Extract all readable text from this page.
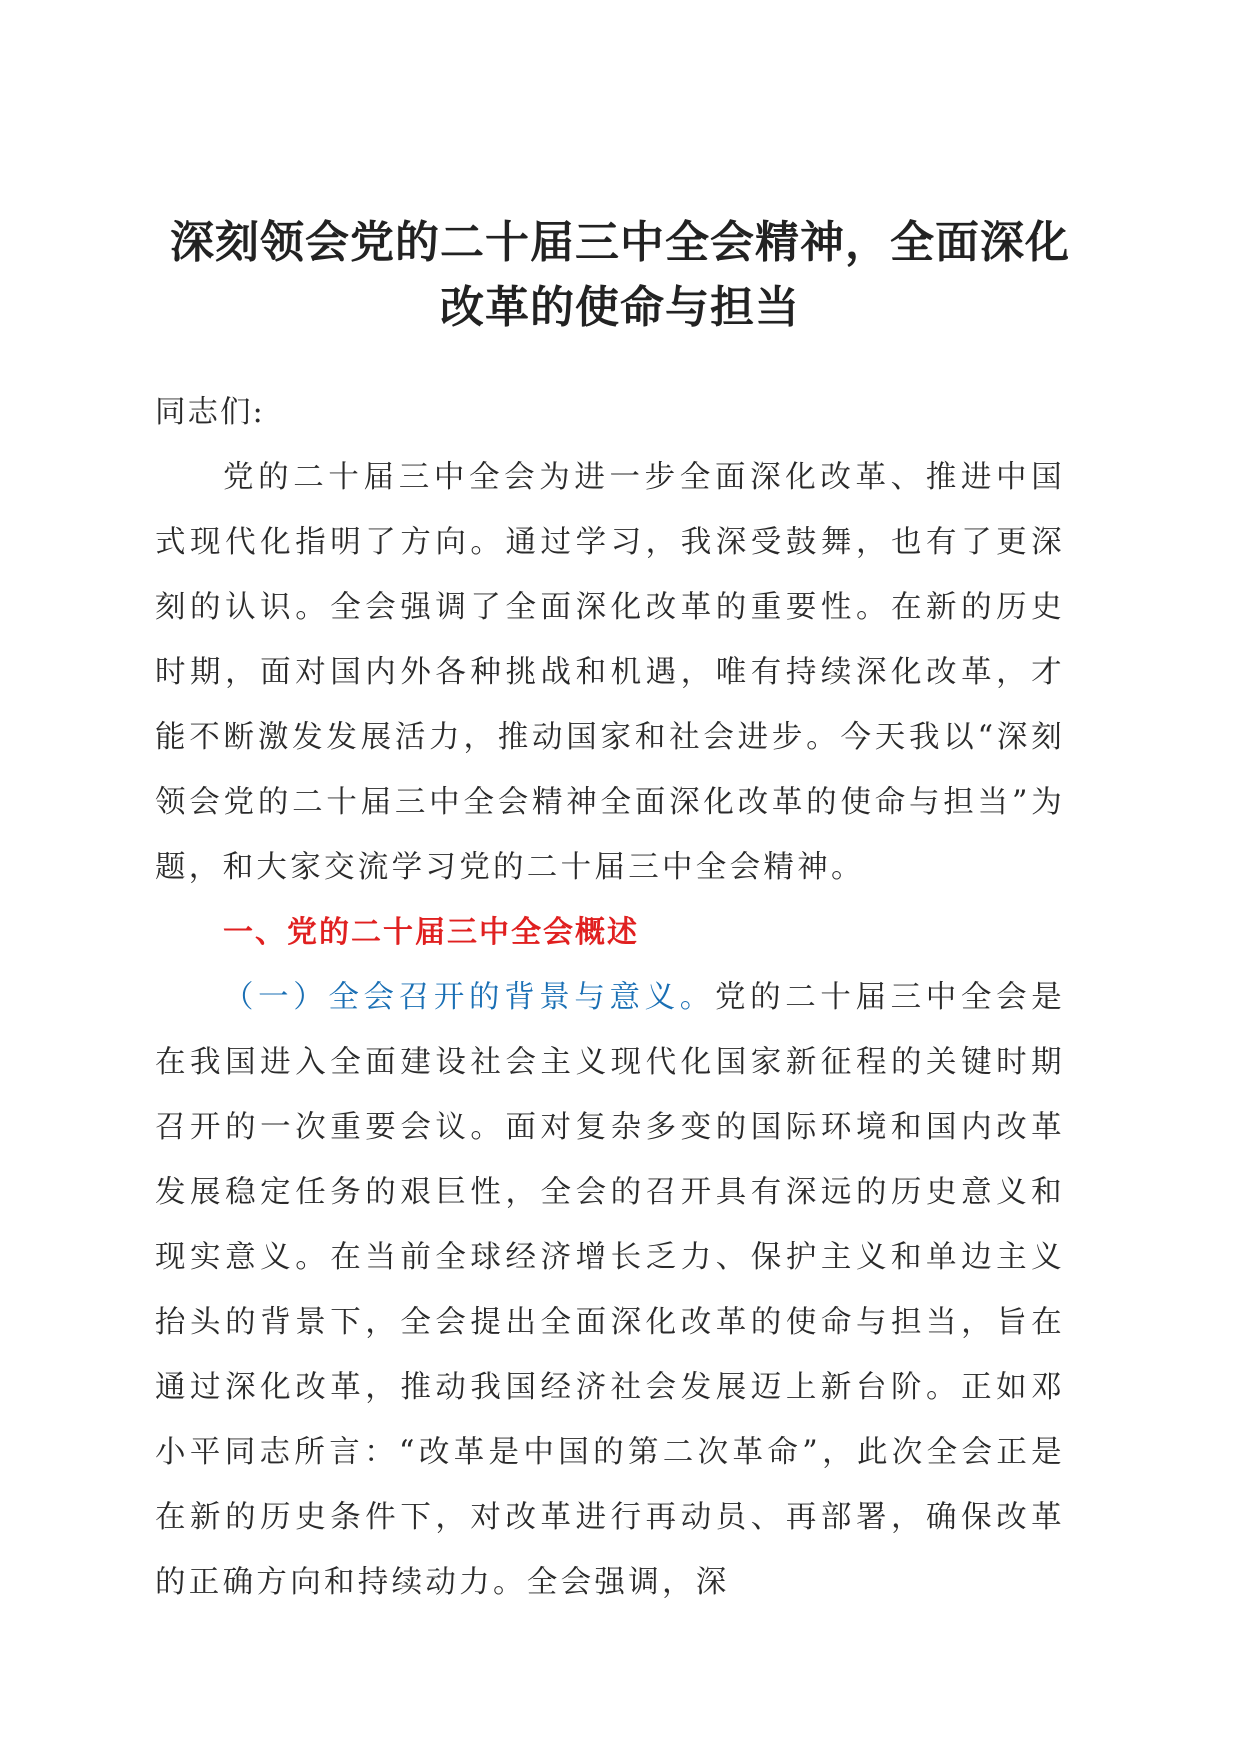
深刻领会党的二十届三中全会精神，全面深化
改革的使命与担当

同志们:

党的二十届三中全会为进一步全面深化改革、推进中国式现代化指明了方向。通过学习，我深受鼓舞，也有了更深刻的认识。全会强调了全面深化改革的重要性。在新的历史时期，面对国内外各种挑战和机遇，唯有持续深化改革，才能不断激发发展活力，推动国家和社会进步。今天我以“深刻领会党的二十届三中全会精神全面深化改革的使命与担当”为题，和大家交流学习党的二十届三中全会精神。

一、党的二十届三中全会概述

（一）全会召开的背景与意义。党的二十届三中全会是在我国进入全面建设社会主义现代化国家新征程的关键时期召开的一次重要会议。面对复杂多变的国际环境和国内改革发展稳定任务的艰巨性，全会的召开具有深远的历史意义和现实意义。在当前全球经济增长乏力、保护主义和单边主义抬头的背景下，全会提出全面深化改革的使命与担当，旨在通过深化改革，推动我国经济社会发展迈上新台阶。正如邓小平同志所言：“改革是中国的第二次革命”，此次全会正是在新的历史条件下，对改革进行再动员、再部署，确保改革的正确方向和持续动力。全会强调，深
